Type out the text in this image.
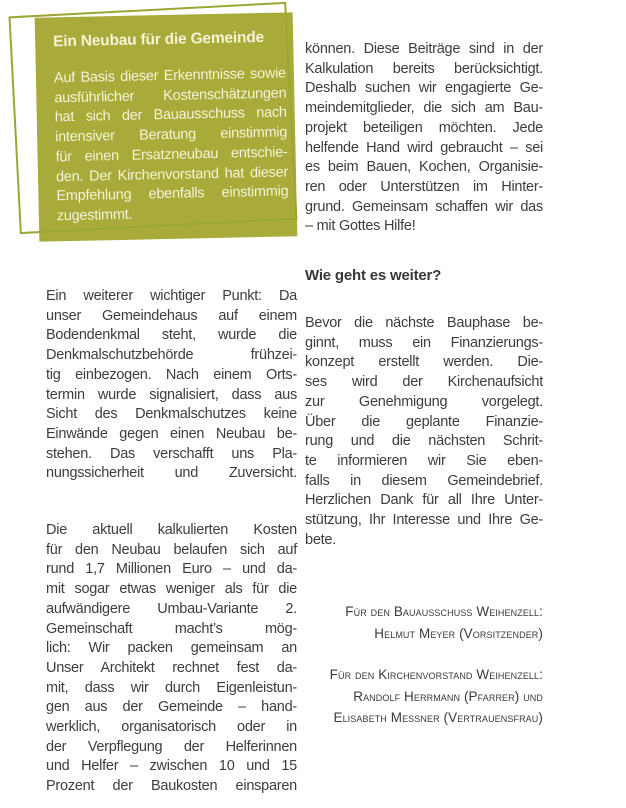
Ein Neubau für die Gemeinde
Auf Basis dieser Erkenntnisse sowie
ausführlicher Kostenschätzungen
hat sich der Bauausschuss nach
intensiver Beratung einstimmig
für einen Ersatzneubau entschie-
den. Der Kirchenvorstand hat dieser
Empfehlung ebenfalls einstimmig
zugestimmt.
Ein weiterer wichtiger Punkt: Da
unser Gemeindehaus auf einem
Bodendenkmal steht, wurde die
Denkmalschutzbehörde frühzei-
tig einbezogen. Nach einem Orts-
termin wurde signalisiert, dass aus
Sicht des Denkmalschutzes keine
Einwände gegen einen Neubau be-
stehen. Das verschafft uns Pla-
nungssicherheit und Zuversicht.
Die aktuell kalkulierten Kosten
für den Neubau belaufen sich auf
rund 1,7 Millionen Euro – und da-
mit sogar etwas weniger als für die
aufwändigere Umbau-Variante 2.
Gemeinschaft macht’s mög-
lich: Wir packen gemeinsam an
Unser Architekt rechnet fest da-
mit, dass wir durch Eigenleistun-
gen aus der Gemeinde – hand-
werklich, organisatorisch oder in
der Verpflegung der Helferinnen
und Helfer – zwischen 10 und 15
Prozent der Baukosten einsparen
können. Diese Beiträge sind in der
Kalkulation bereits berücksichtigt.
Deshalb suchen wir engagierte Ge-
meindemitglieder, die sich am Bau-
projekt beteiligen möchten. Jede
helfende Hand wird gebraucht – sei
es beim Bauen, Kochen, Organisie-
ren oder Unterstützen im Hinter-
grund. Gemeinsam schaffen wir das
– mit Gottes Hilfe!
Wie geht es weiter?
Bevor die nächste Bauphase be-
ginnt, muss ein Finanzierungs-
konzept erstellt werden. Die-
ses wird der Kirchenaufsicht
zur Genehmigung vorgelegt.
Über die geplante Finanzie-
rung und die nächsten Schrit-
te informieren wir Sie eben-
falls in diesem Gemeindebrief.
Herzlichen Dank für all Ihre Unter-
stützung, Ihr Interesse und Ihre Ge-
bete.
Für den Bauausschuss Weihenzell:
Helmut Meyer (Vorsitzender)
Für den Kirchenvorstand Weihenzell:
Randolf Herrmann (Pfarrer) und
Elisabeth Messner (Vertrauensfrau)
